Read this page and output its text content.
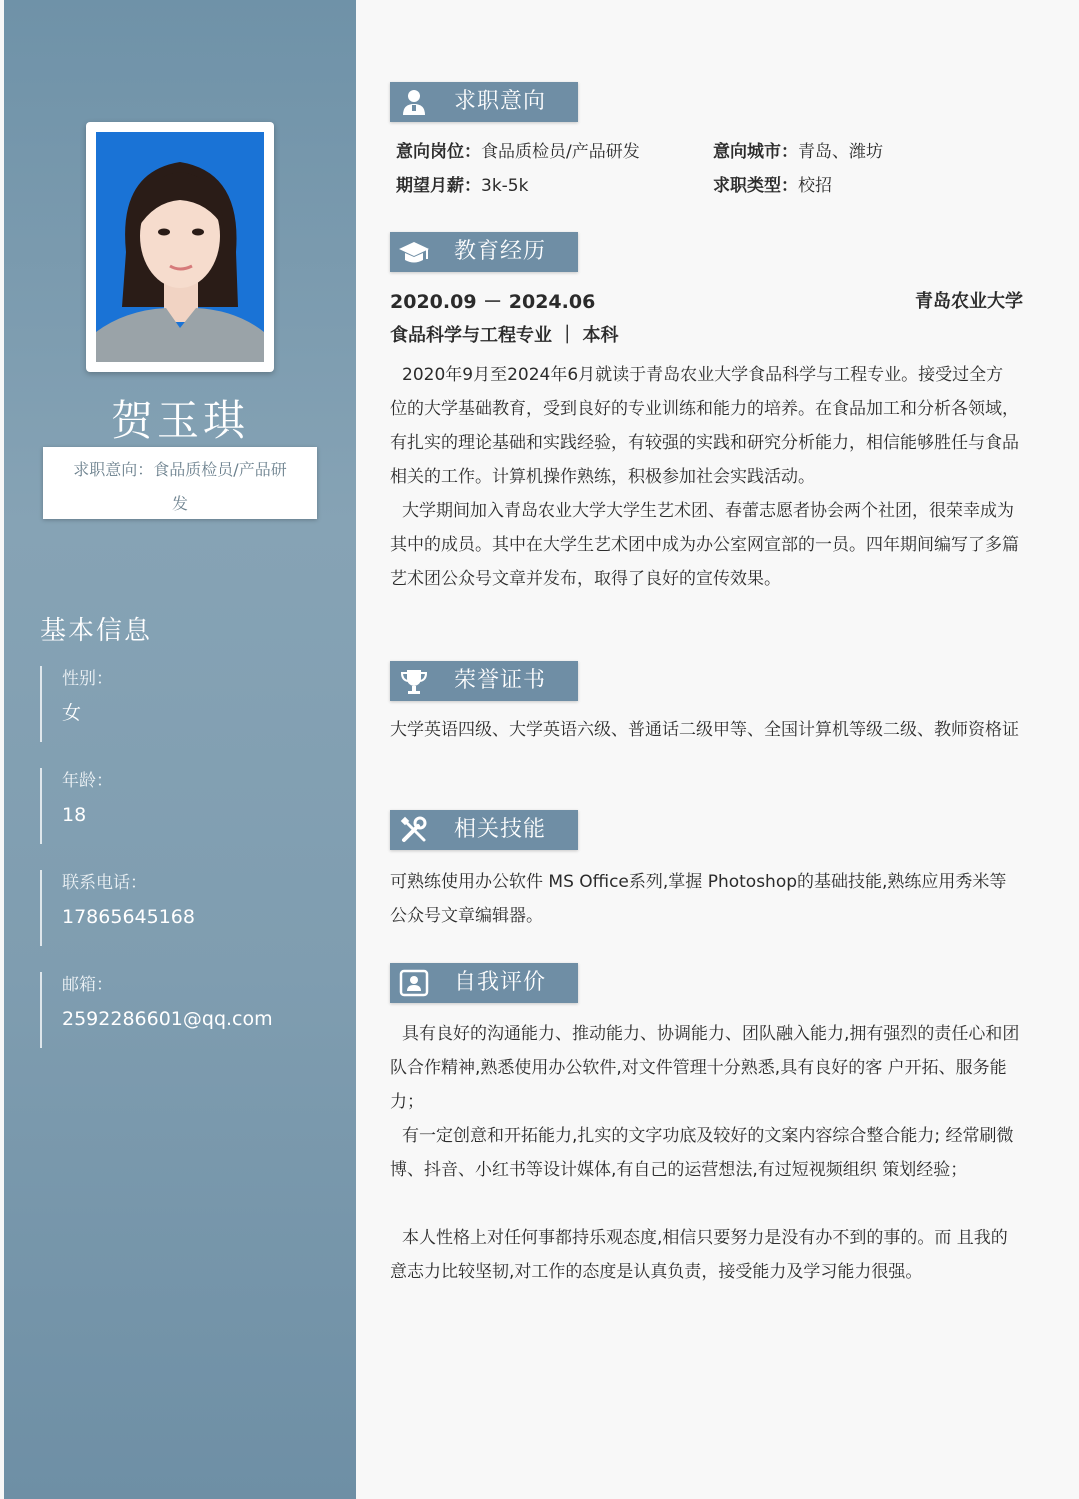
贺玉琪
求职意向：食品质检员/产品研
发
基本信息
性别：
女
年龄：
18
联系电话：
17865645168
邮箱：
2592286601@qq.com
求职意向
意向岗位：食品质检员/产品研发	意向城市：青岛、潍坊
期望月薪：3k-5k	求职类型：校招
教育经历
2020.09 － 2024.06	青岛农业大学
食品科学与工程专业 ｜ 本科
2020年9月至2024年6月就读于青岛农业大学食品科学与工程专业。接受过全方位的大学基础教育，受到良好的专业训练和能力的培养。在食品加工和分析各领域，有扎实的理论基础和实践经验，有较强的实践和研究分析能力，相信能够胜任与食品相关的工作。计算机操作熟练，积极参加社会实践活动。
大学期间加入青岛农业大学大学生艺术团、春蕾志愿者协会两个社团，很荣幸成为其中的成员。其中在大学生艺术团中成为办公室网宣部的一员。四年期间编写了多篇艺术团公众号文章并发布，取得了良好的宣传效果。
荣誉证书
大学英语四级、大学英语六级、普通话二级甲等、全国计算机等级二级、教师资格证
相关技能
可熟练使用办公软件 MS Office系列,掌握 Photoshop的基础技能,熟练应用秀米等公众号文章编辑器。
自我评价
具有良好的沟通能力、推动能力、协调能力、团队融入能力,拥有强烈的责任心和团队合作精神,熟悉使用办公软件,对文件管理十分熟悉,具有良好的客 户开拓、服务能力；
有一定创意和开拓能力,扎实的文字功底及较好的文案内容综合整合能力; 经常刷微博、抖音、小红书等设计媒体,有自己的运营想法,有过短视频组织 策划经验；
本人性格上对任何事都持乐观态度,相信只要努力是没有办不到的事的。而 且我的意志力比较坚韧,对工作的态度是认真负责，接受能力及学习能力很强。
